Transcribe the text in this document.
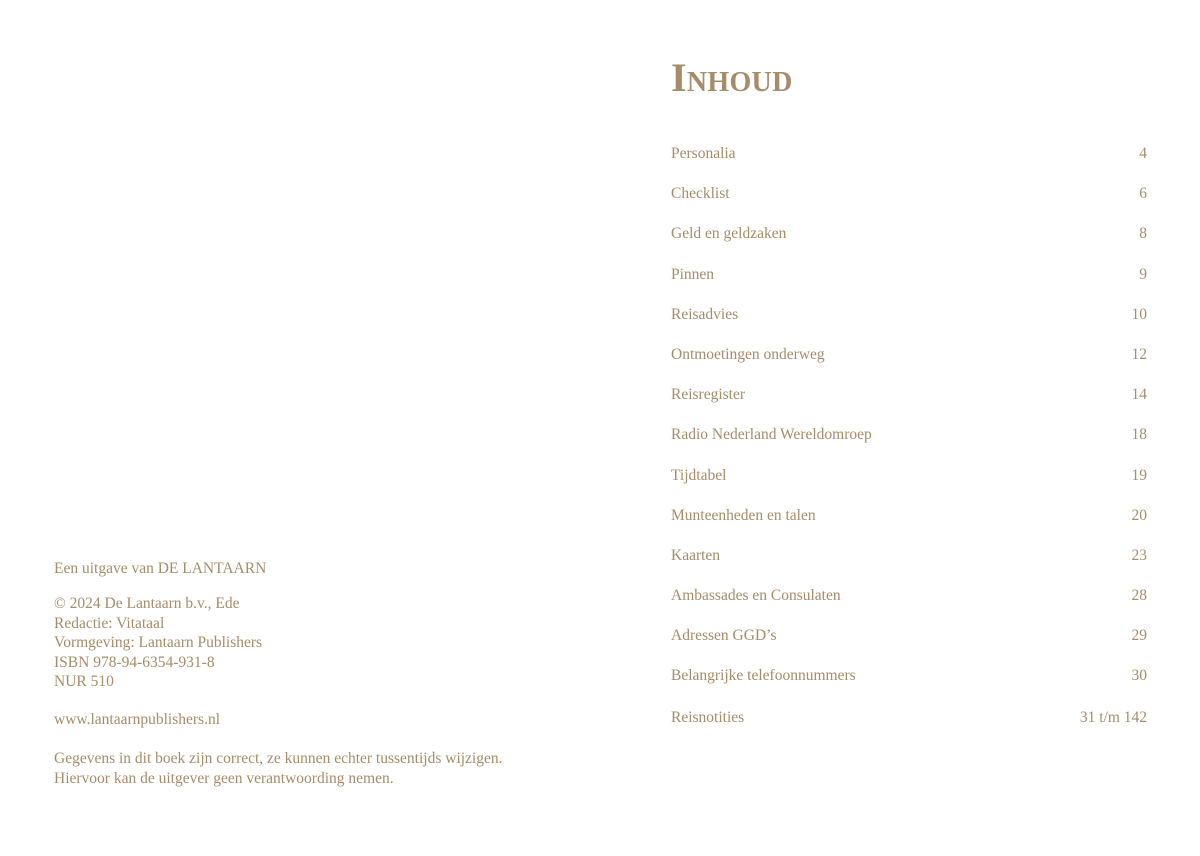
Een uitgave van DE LANTAARN

© 2024 De Lantaarn b.v., Ede
Redactie: Vitataal
Vormgeving: Lantaarn Publishers
ISBN 978-94-6354-931-8
NUR 510

www.lantaarnpublishers.nl

Gegevens in dit boek zijn correct, ze kunnen echter tussentijds wijzigen. Hiervoor kan de uitgever geen verantwoording nemen.

Inhoud
Personalia	4
Checklist	6
Geld en geldzaken	8
Pinnen	9
Reisadvies	10
Ontmoetingen onderweg	12
Reisregister	14
Radio Nederland Wereldomroep	18
Tijdtabel	19
Munteenheden en talen	20
Kaarten	23
Ambassades en Consulaten	28
Adressen GGD’s	29
Belangrijke telefoonnummers	30
Reisnotities	31 t/m 142
